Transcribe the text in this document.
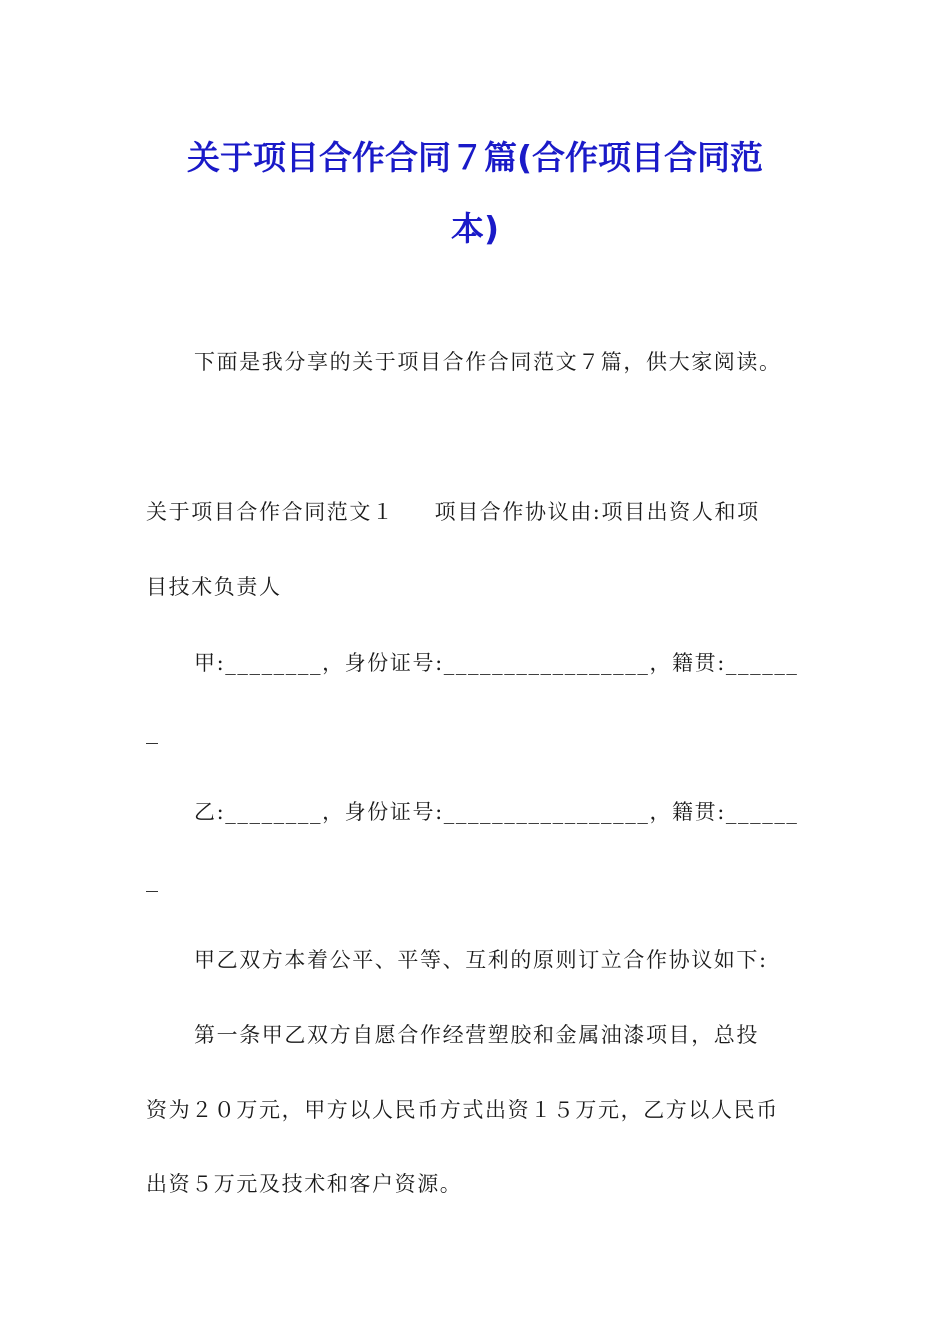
关于项目合作合同７篇(合作项目合同范
本)
下面是我分享的关于项目合作合同范文７篇，供大家阅读。
关于项目合作合同范文１ 项目合作协议由:项目出资人和项
目技术负责人
甲:________，身份证号:_________________，籍贯:______
乙:________，身份证号:_________________，籍贯:______
甲乙双方本着公平、平等、互利的原则订立合作协议如下:
第一条甲乙双方自愿合作经营塑胶和金属油漆项目，总投
资为２０万元，甲方以人民币方式出资１５万元，乙方以人民币
出资５万元及技术和客户资源。
